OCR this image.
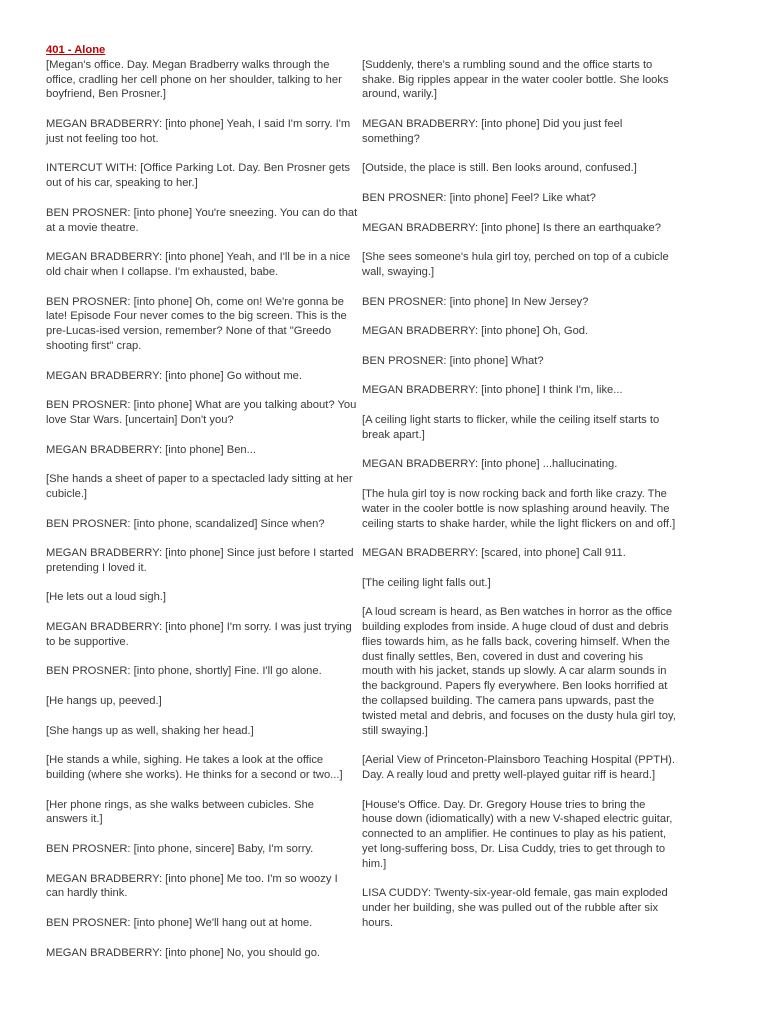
401 - Alone

[Megan's office. Day. Megan Bradberry walks through the office, cradling her cell phone on her shoulder, talking to her boyfriend, Ben Prosner.]

MEGAN BRADBERRY: [into phone] Yeah, I said I'm sorry. I'm just not feeling too hot.

INTERCUT WITH: [Office Parking Lot. Day. Ben Prosner gets out of his car, speaking to her.]

BEN PROSNER: [into phone] You're sneezing. You can do that at a movie theatre.

MEGAN BRADBERRY: [into phone] Yeah, and I'll be in a nice old chair when I collapse. I'm exhausted, babe.

BEN PROSNER: [into phone] Oh, come on! We're gonna be late! Episode Four never comes to the big screen. This is the pre-Lucas-ised version, remember? None of that "Greedo shooting first" crap.

MEGAN BRADBERRY: [into phone] Go without me.

BEN PROSNER: [into phone] What are you talking about? You love Star Wars. [uncertain] Don't you?

MEGAN BRADBERRY: [into phone] Ben...

[She hands a sheet of paper to a spectacled lady sitting at her cubicle.]

BEN PROSNER: [into phone, scandalized] Since when?

MEGAN BRADBERRY: [into phone] Since just before I started pretending I loved it.

[He lets out a loud sigh.]

MEGAN BRADBERRY: [into phone] I'm sorry. I was just trying to be supportive.

BEN PROSNER: [into phone, shortly] Fine. I'll go alone.

[He hangs up, peeved.]

[She hangs up as well, shaking her head.]

[He stands a while, sighing. He takes a look at the office building (where she works). He thinks for a second or two...]

[Her phone rings, as she walks between cubicles. She answers it.]

BEN PROSNER: [into phone, sincere] Baby, I'm sorry.

MEGAN BRADBERRY: [into phone] Me too. I'm so woozy I can hardly think.

BEN PROSNER: [into phone] We'll hang out at home.

MEGAN BRADBERRY: [into phone] No, you should go.

[Suddenly, there's a rumbling sound and the office starts to shake. Big ripples appear in the water cooler bottle. She looks around, warily.]

MEGAN BRADBERRY: [into phone] Did you just feel something?

[Outside, the place is still. Ben looks around, confused.]

BEN PROSNER: [into phone] Feel? Like what?

MEGAN BRADBERRY: [into phone] Is there an earthquake?

[She sees someone's hula girl toy, perched on top of a cubicle wall, swaying.]

BEN PROSNER: [into phone] In New Jersey?

MEGAN BRADBERRY: [into phone] Oh, God.

BEN PROSNER: [into phone] What?

MEGAN BRADBERRY: [into phone] I think I'm, like...

[A ceiling light starts to flicker, while the ceiling itself starts to break apart.]

MEGAN BRADBERRY: [into phone] ...hallucinating.

[The hula girl toy is now rocking back and forth like crazy. The water in the cooler bottle is now splashing around heavily. The ceiling starts to shake harder, while the light flickers on and off.]

MEGAN BRADBERRY: [scared, into phone] Call 911.

[The ceiling light falls out.]

[A loud scream is heard, as Ben watches in horror as the office building explodes from inside. A huge cloud of dust and debris flies towards him, as he falls back, covering himself. When the dust finally settles, Ben, covered in dust and covering his mouth with his jacket, stands up slowly. A car alarm sounds in the background. Papers fly everywhere. Ben looks horrified at the collapsed building. The camera pans upwards, past the twisted metal and debris, and focuses on the dusty hula girl toy, still swaying.]

[Aerial View of Princeton-Plainsboro Teaching Hospital (PPTH). Day. A really loud and pretty well-played guitar riff is heard.]

[House's Office. Day. Dr. Gregory House tries to bring the house down (idiomatically) with a new V-shaped electric guitar, connected to an amplifier. He continues to play as his patient, yet long-suffering boss, Dr. Lisa Cuddy, tries to get through to him.]

LISA CUDDY: Twenty-six-year-old female, gas main exploded under her building, she was pulled out of the rubble after six hours.
